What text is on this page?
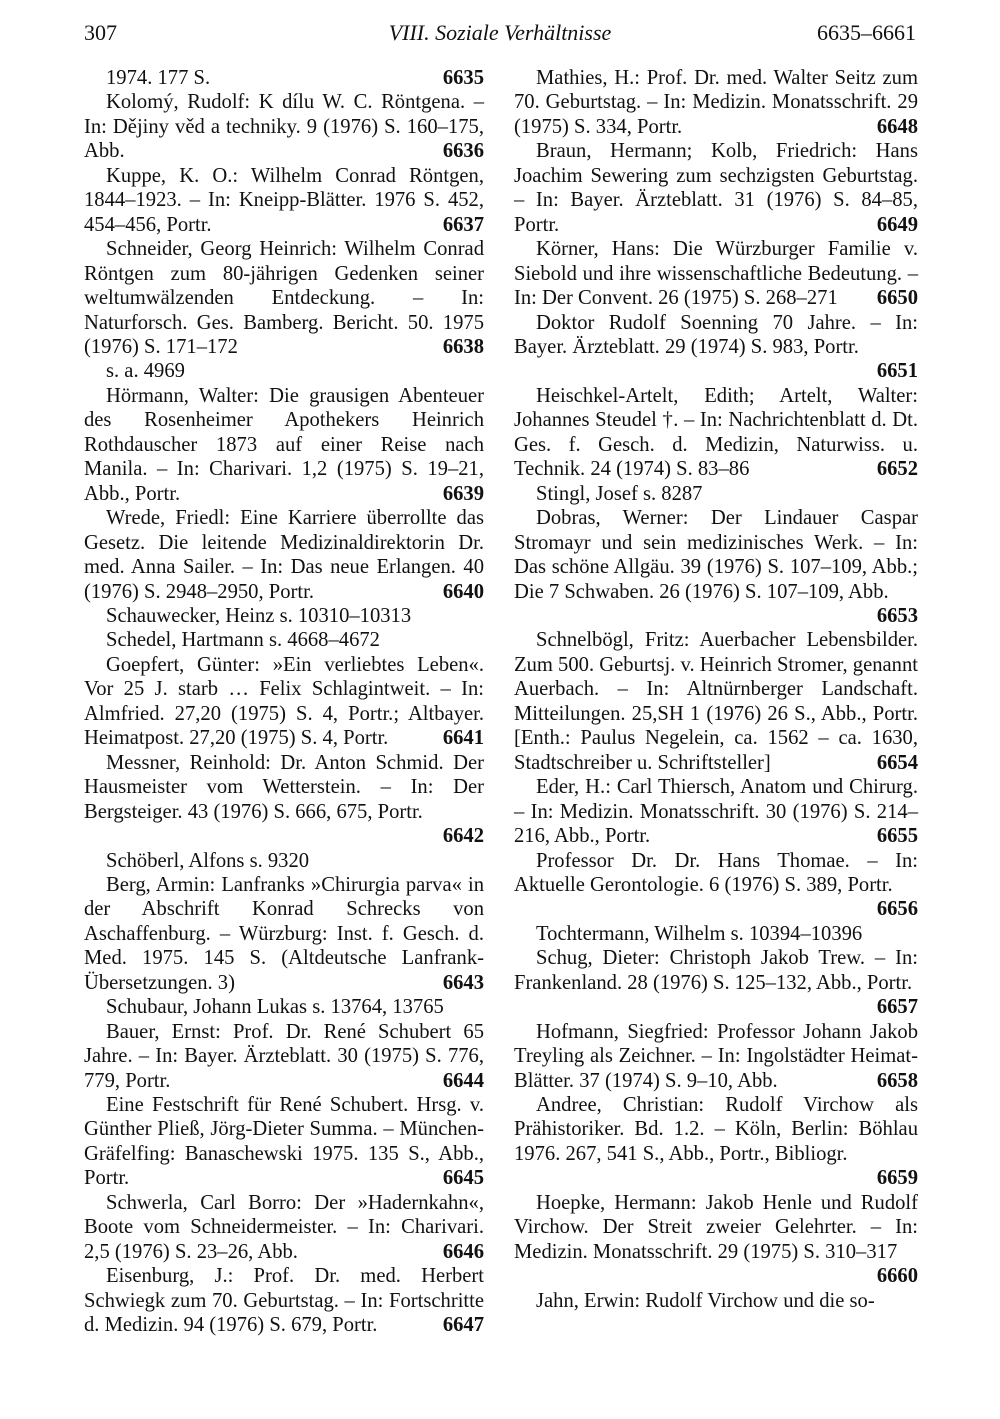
307	VIII. Soziale Verhältnisse	6635–6661
1974. 177 S.	6635
Kolomý, Rudolf: K dílu W. C. Röntgena. – In: Dějiny věd a techniky. 9 (1976) S. 160–175, Abb.	6636
Kuppe, K. O.: Wilhelm Conrad Röntgen, 1844–1923. – In: Kneipp-Blätter. 1976 S. 452, 454–456, Portr.	6637
Schneider, Georg Heinrich: Wilhelm Conrad Röntgen zum 80-jährigen Gedenken seiner weltumwälzenden Entdeckung. – In: Naturforsch. Ges. Bamberg. Bericht. 50. 1975 (1976) S. 171–172	6638
s. a. 4969
Hörmann, Walter: Die grausigen Abenteuer des Rosenheimer Apothekers Heinrich Rothdauscher 1873 auf einer Reise nach Manila. – In: Charivari. 1,2 (1975) S. 19–21, Abb., Portr.	6639
Wrede, Friedl: Eine Karriere überrollte das Gesetz. Die leitende Medizinaldirektorin Dr. med. Anna Sailer. – In: Das neue Erlangen. 40 (1976) S. 2948–2950, Portr.	6640
Schauwecker, Heinz s. 10310–10313
Schedel, Hartmann s. 4668–4672
Goepfert, Günter: »Ein verliebtes Leben«. Vor 25 J. starb … Felix Schlagintweit. – In: Almfried. 27,20 (1975) S. 4, Portr.; Altbayer. Heimatpost. 27,20 (1975) S. 4, Portr.	6641
Messner, Reinhold: Dr. Anton Schmid. Der Hausmeister vom Wetterstein. – In: Der Bergsteiger. 43 (1976) S. 666, 675, Portr.
6642
Schöberl, Alfons s. 9320
Berg, Armin: Lanfranks »Chirurgia parva« in der Abschrift Konrad Schrecks von Aschaffenburg. – Würzburg: Inst. f. Gesch. d. Med. 1975. 145 S. (Altdeutsche Lanfrank-Übersetzungen. 3)	6643
Schubaur, Johann Lukas s. 13764, 13765
Bauer, Ernst: Prof. Dr. René Schubert 65 Jahre. – In: Bayer. Ärzteblatt. 30 (1975) S. 776, 779, Portr.	6644
Eine Festschrift für René Schubert. Hrsg. v. Günther Pließ, Jörg-Dieter Summa. – München-Gräfelfing: Banaschewski 1975. 135 S., Abb., Portr.	6645
Schwerla, Carl Borro: Der »Hadernkahn«, Boote vom Schneidermeister. – In: Charivari. 2,5 (1976) S. 23–26, Abb.	6646
Eisenburg, J.: Prof. Dr. med. Herbert Schwiegk zum 70. Geburtstag. – In: Fortschritte d. Medizin. 94 (1976) S. 679, Portr.	6647
Mathies, H.: Prof. Dr. med. Walter Seitz zum 70. Geburtstag. – In: Medizin. Monatsschrift. 29 (1975) S. 334, Portr.	6648
Braun, Hermann; Kolb, Friedrich: Hans Joachim Sewering zum sechzigsten Geburtstag. – In: Bayer. Ärzteblatt. 31 (1976) S. 84–85, Portr.	6649
Körner, Hans: Die Würzburger Familie v. Siebold und ihre wissenschaftliche Bedeutung. – In: Der Convent. 26 (1975) S. 268–271	6650
Doktor Rudolf Soenning 70 Jahre. – In: Bayer. Ärzteblatt. 29 (1974) S. 983, Portr.
6651
Heischkel-Artelt, Edith; Artelt, Walter: Johannes Steudel †. – In: Nachrichtenblatt d. Dt. Ges. f. Gesch. d. Medizin, Naturwiss. u. Technik. 24 (1974) S. 83–86	6652
Stingl, Josef s. 8287
Dobras, Werner: Der Lindauer Caspar Stromayr und sein medizinisches Werk. – In: Das schöne Allgäu. 39 (1976) S. 107–109, Abb.; Die 7 Schwaben. 26 (1976) S. 107–109, Abb.
6653
Schnelbögl, Fritz: Auerbacher Lebensbilder. Zum 500. Geburtsj. v. Heinrich Stromer, genannt Auerbach. – In: Altnürnberger Landschaft. Mitteilungen. 25,SH 1 (1976) 26 S., Abb., Portr. [Enth.: Paulus Negelein, ca. 1562 – ca. 1630, Stadtschreiber u. Schriftsteller]	6654
Eder, H.: Carl Thiersch, Anatom und Chirurg. – In: Medizin. Monatsschrift. 30 (1976) S. 214–216, Abb., Portr.	6655
Professor Dr. Dr. Hans Thomae. – In: Aktuelle Gerontologie. 6 (1976) S. 389, Portr.
6656
Tochtermann, Wilhelm s. 10394–10396
Schug, Dieter: Christoph Jakob Trew. – In: Frankenland. 28 (1976) S. 125–132, Abb., Portr.
6657
Hofmann, Siegfried: Professor Johann Jakob Treyling als Zeichner. – In: Ingolstädter Heimat-Blätter. 37 (1974) S. 9–10, Abb.	6658
Andree, Christian: Rudolf Virchow als Prähistoriker. Bd. 1.2. – Köln, Berlin: Böhlau 1976. 267, 541 S., Abb., Portr., Bibliogr.
6659
Hoepke, Hermann: Jakob Henle und Rudolf Virchow. Der Streit zweier Gelehrter. – In: Medizin. Monatsschrift. 29 (1975) S. 310–317
6660
Jahn, Erwin: Rudolf Virchow und die so-
